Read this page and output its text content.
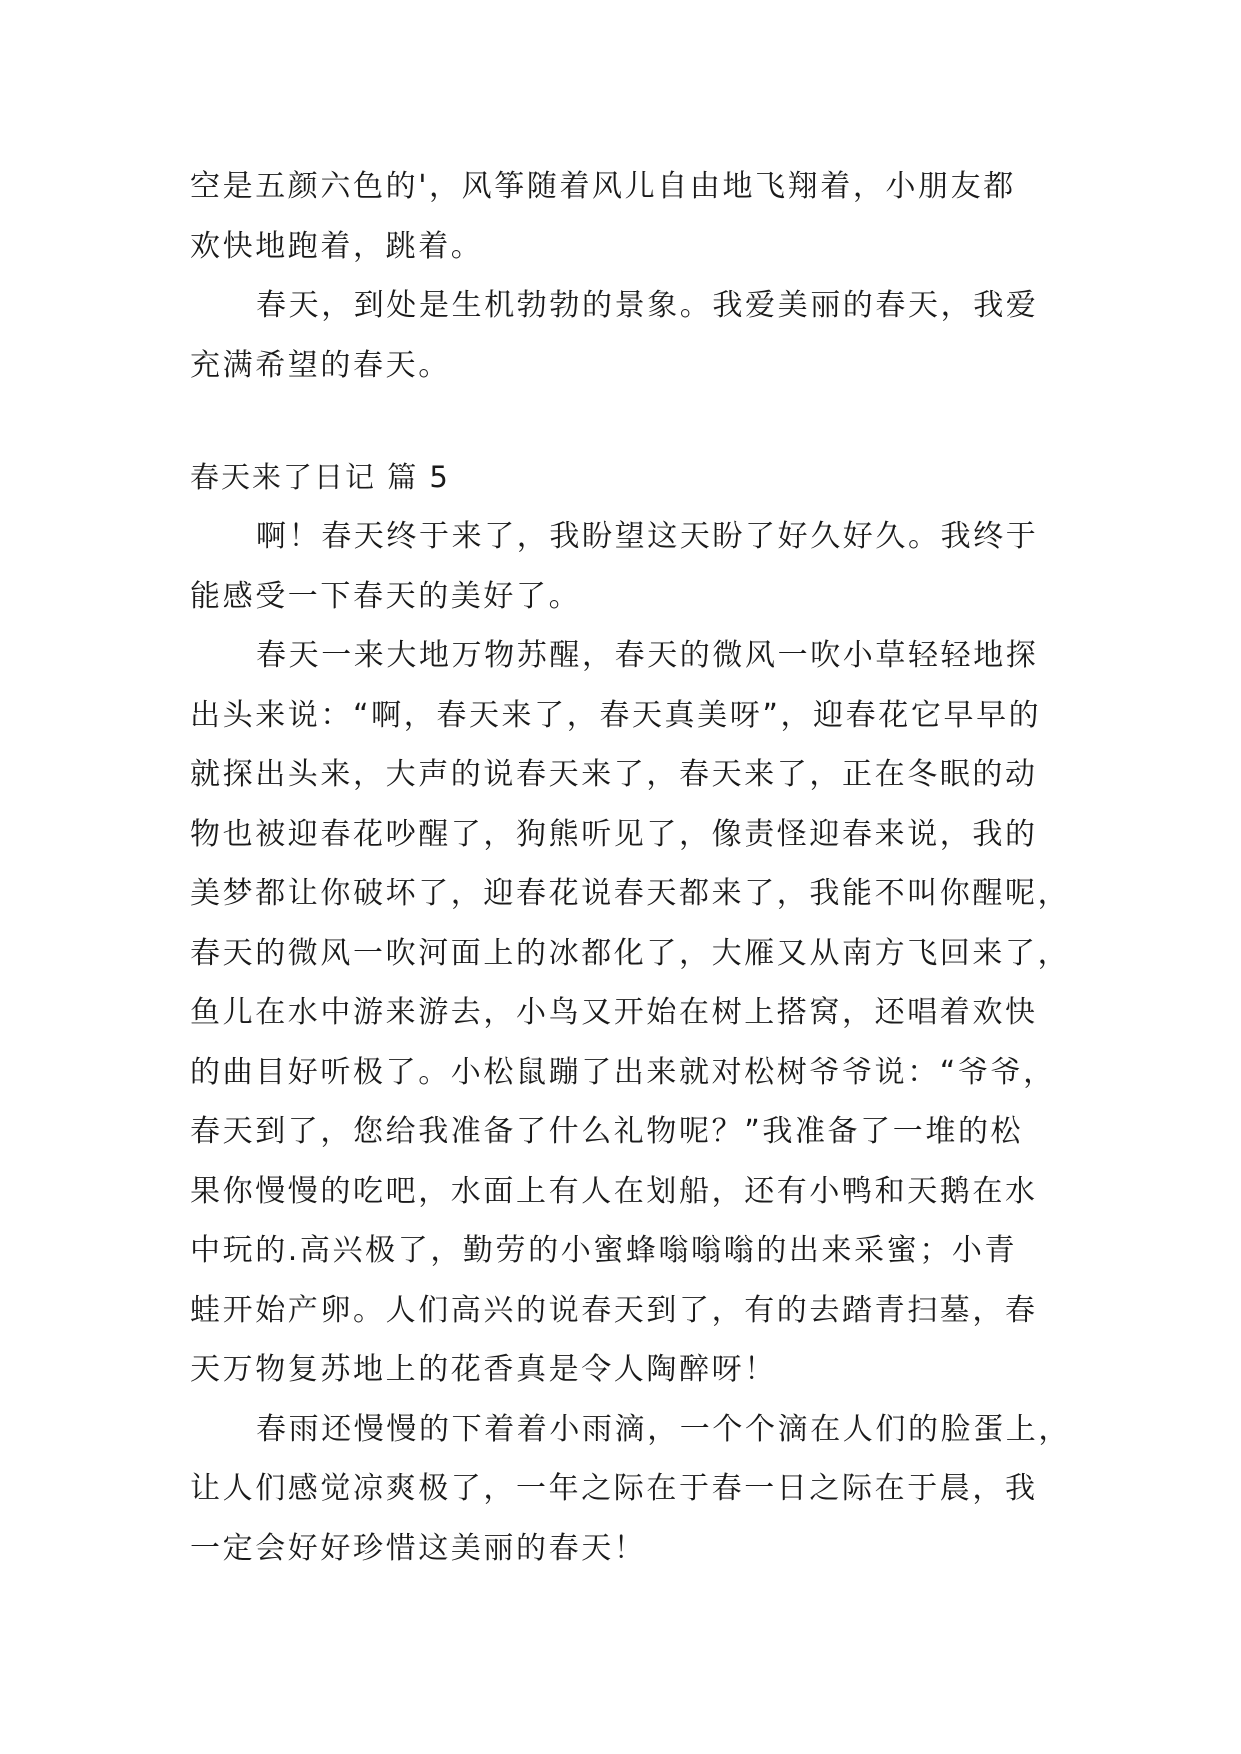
空是五颜六色的'，风筝随着风儿自由地飞翔着，小朋友都
欢快地跑着，跳着。
春天，到处是生机勃勃的景象。我爱美丽的春天，我爱
充满希望的春天。
春天来了日记 篇 5
啊！春天终于来了，我盼望这天盼了好久好久。我终于
能感受一下春天的美好了。
春天一来大地万物苏醒，春天的微风一吹小草轻轻地探
出头来说：“啊，春天来了，春天真美呀”，迎春花它早早的
就探出头来，大声的说春天来了，春天来了，正在冬眠的动
物也被迎春花吵醒了，狗熊听见了，像责怪迎春来说，我的
美梦都让你破坏了，迎春花说春天都来了，我能不叫你醒呢，
春天的微风一吹河面上的冰都化了，大雁又从南方飞回来了，
鱼儿在水中游来游去，小鸟又开始在树上搭窝，还唱着欢快
的曲目好听极了。小松鼠蹦了出来就对松树爷爷说：“爷爷，
春天到了，您给我准备了什么礼物呢？”我准备了一堆的松
果你慢慢的吃吧，水面上有人在划船，还有小鸭和天鹅在水
中玩的.高兴极了，勤劳的小蜜蜂嗡嗡嗡的出来采蜜；小青
蛙开始产卵。人们高兴的说春天到了，有的去踏青扫墓，春
天万物复苏地上的花香真是令人陶醉呀！
春雨还慢慢的下着着小雨滴，一个个滴在人们的脸蛋上，
让人们感觉凉爽极了，一年之际在于春一日之际在于晨，我
一定会好好珍惜这美丽的春天！
